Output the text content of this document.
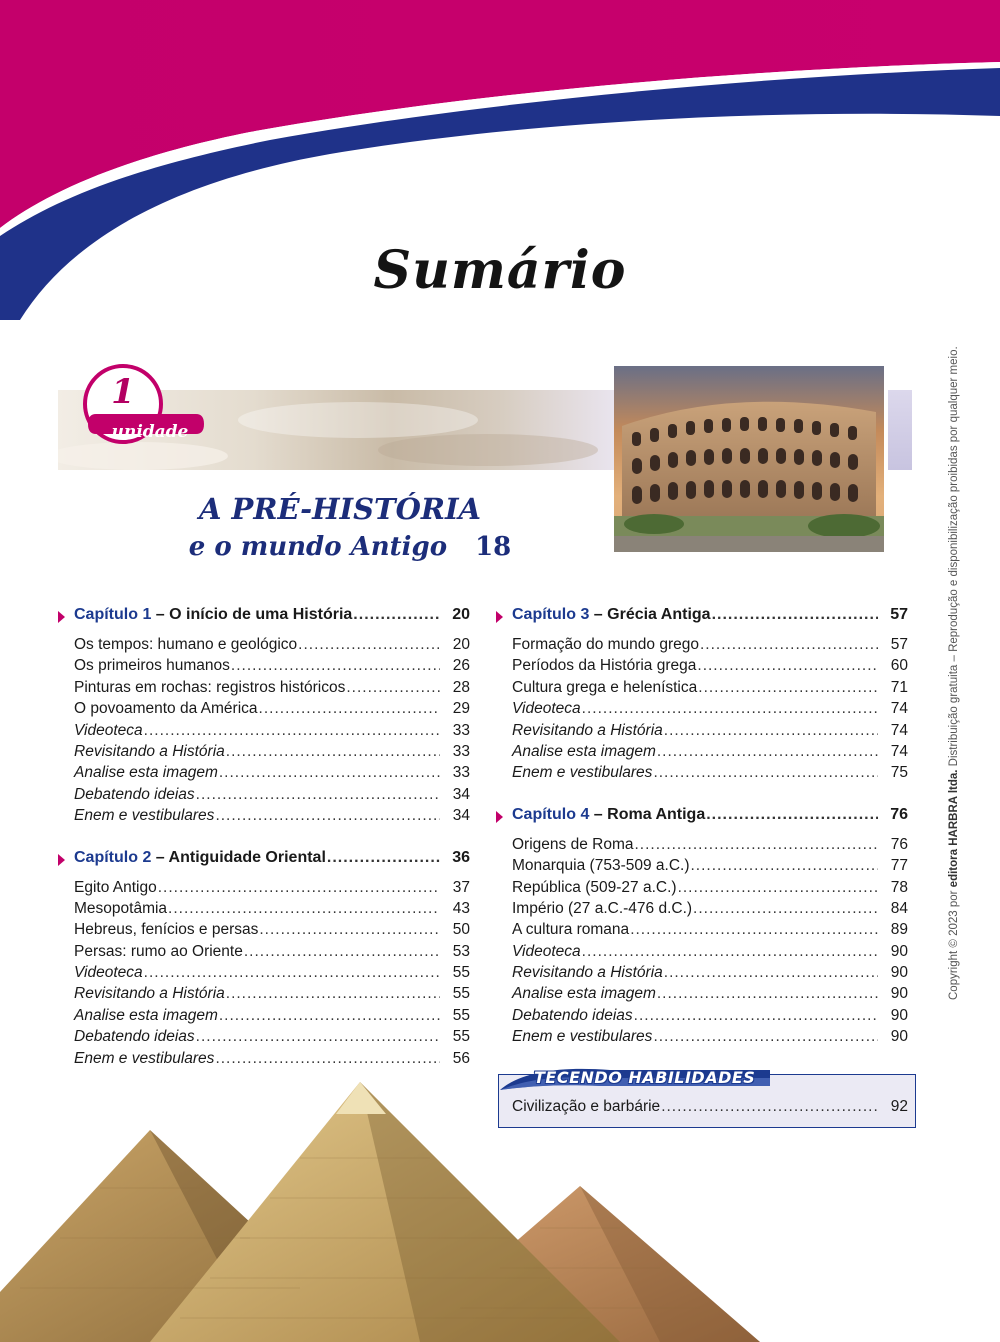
Sumário
1
unidade
A PRÉ-HISTÓRIA
e o mundo Antigo 18
Capítulo 1 – O início de uma História .....	20
Os tempos: humano e geológico .....	20
Os primeiros humanos .....	26
Pinturas em rochas: registros históricos .....	28
O povoamento da América .....	29
Videoteca .....	33
Revisitando a História .....	33
Analise esta imagem .....	33
Debatendo ideias .....	34
Enem e vestibulares .....	34
Capítulo 2 – Antiguidade Oriental .....	36
Egito Antigo .....	37
Mesopotâmia .....	43
Hebreus, fenícios e persas .....	50
Persas: rumo ao Oriente .....	53
Videoteca .....	55
Revisitando a História .....	55
Analise esta imagem .....	55
Debatendo ideias .....	55
Enem e vestibulares .....	56
Capítulo 3 – Grécia Antiga .....	57
Formação do mundo grego .....	57
Períodos da História grega .....	60
Cultura grega e helenística .....	71
Videoteca .....	74
Revisitando a História .....	74
Analise esta imagem .....	74
Enem e vestibulares .....	75
Capítulo 4 – Roma Antiga .....	76
Origens de Roma .....	76
Monarquia (753-509 a.C.) .....	77
República (509-27 a.C.) .....	78
Império (27 a.C.-476 d.C.) .....	84
A cultura romana .....	89
Videoteca .....	90
Revisitando a História .....	90
Analise esta imagem .....	90
Debatendo ideias .....	90
Enem e vestibulares .....	90
TECENDO HABILIDADES
Civilização e barbárie .....	92
Copyright © 2023 por editora HARBRA ltda. Distribuição gratuita – Reprodução e disponibilização proibidas por qualquer meio.
